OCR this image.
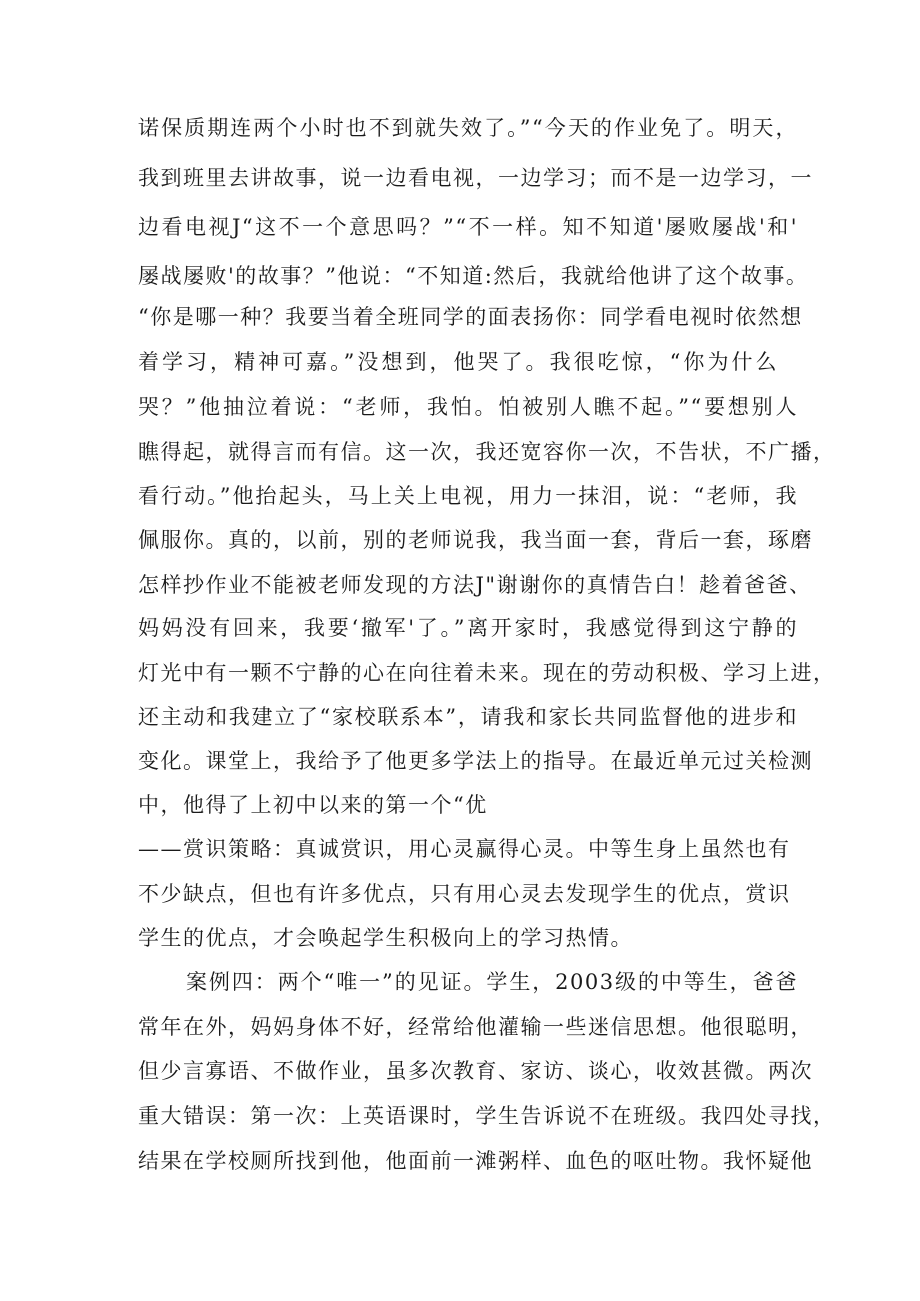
诺保质期连两个小时也不到就失效了。”“今天的作业免了。明天，
我到班里去讲故事，说一边看电视，一边学习；而不是一边学习，一
边看电视J“这不一个意思吗？”“不一样。知不知道'屡败屡战'和'
屡战屡败'的故事？”他说：“不知道:然后，我就给他讲了这个故事。
“你是哪一种？我要当着全班同学的面表扬你：同学看电视时依然想
着学习，精神可嘉。”没想到，他哭了。我很吃惊，“你为什么
哭？”他抽泣着说：“老师，我怕。怕被别人瞧不起。”“要想别人
瞧得起，就得言而有信。这一次，我还宽容你一次，不告状，不广播，
看行动。”他抬起头，马上关上电视，用力一抹泪，说：“老师，我
佩服你。真的，以前，别的老师说我，我当面一套，背后一套，琢磨
怎样抄作业不能被老师发现的方法J"谢谢你的真情告白！趁着爸爸、
妈妈没有回来，我要‘撤军'了。”离开家时，我感觉得到这宁静的
灯光中有一颗不宁静的心在向往着未来。现在的劳动积极、学习上进，
还主动和我建立了“家校联系本”，请我和家长共同监督他的进步和
变化。课堂上，我给予了他更多学法上的指导。在最近单元过关检测
中，他得了上初中以来的第一个“优
——赏识策略：真诚赏识，用心灵赢得心灵。中等生身上虽然也有
不少缺点，但也有许多优点，只有用心灵去发现学生的优点，赏识
学生的优点，才会唤起学生积极向上的学习热情。
案例四：两个“唯一”的见证。学生，2003级的中等生，爸爸
常年在外，妈妈身体不好，经常给他灌输一些迷信思想。他很聪明，
但少言寡语、不做作业，虽多次教育、家访、谈心，收效甚微。两次
重大错误：第一次：上英语课时，学生告诉说不在班级。我四处寻找，
结果在学校厕所找到他，他面前一滩粥样、血色的呕吐物。我怀疑他
